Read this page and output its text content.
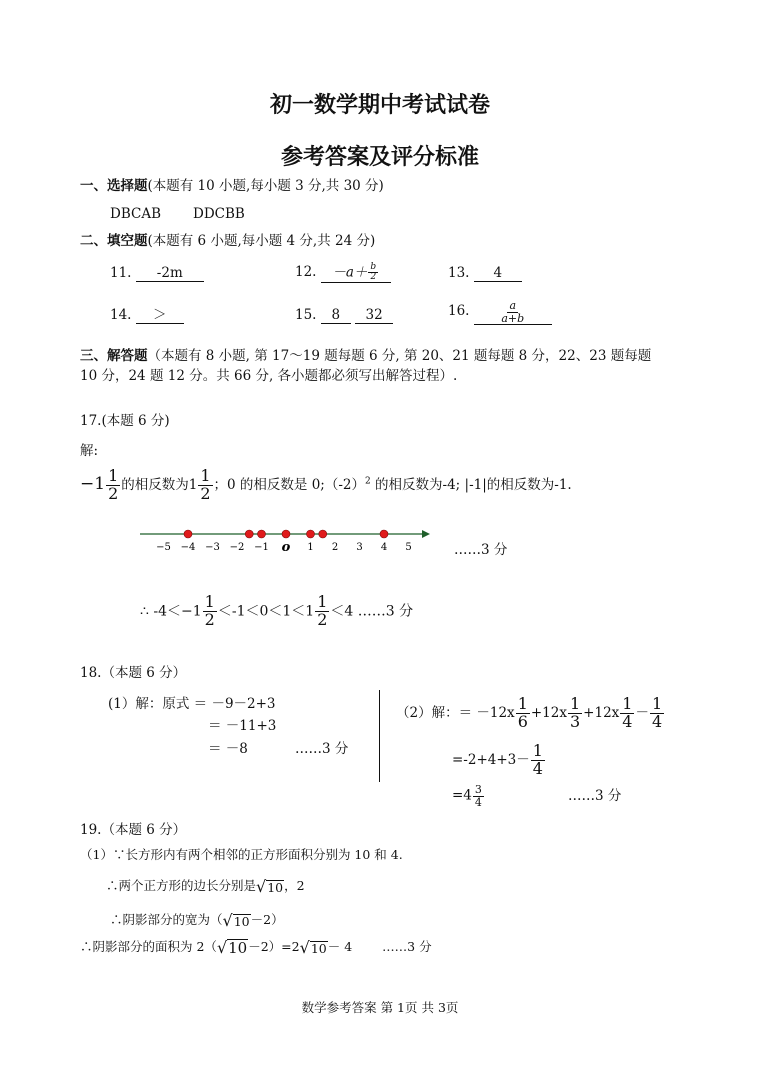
初一数学期中考试试卷
参考答案及评分标准
一、选择题(本题有 10 小题,每小题 3 分,共 30 分)
DBCAB DDCBB
二、填空题(本题有 6 小题,每小题 4 分,共 24 分)
11. -2m	12. $-a+ \frac{b}{2}$	13. 4
14. ＞	15. 8 32	16.	$\frac{a}{a+b}$
三、解答题（本题有 8 小题, 第 17～19 题每题 6 分, 第 20、21 题每题 8 分，22、23 题每题
10 分，24 题 12 分。共 66 分, 各小题都必须写出解答过程）.
17.(本题 6 分)
解:
$-1 \frac{1}{2}$ 的相反数为$1 \frac{1}{2}$ ；0 的相反数是 $0;(-2)^2$ 的相反数为-4; |-1|的相反数为-1.
−5 −4 −3 −2 −1	1 2 3 4 5
o	……3 分
∴ $-4<-1 \frac{1}{2} <-1<0<1<1 \frac{1}{2} <4$ ……3 分
18.（本题 6 分）
(1）解：原式 ＝ －9－2+3
＝ －11+3
＝ －8	……3 分
（2）解：＝ $-12x \frac{1}{6} +12x \frac{1}{3} +12x \frac{1}{4} - \frac{1}{4}$
$=-2+4+3- \frac{1}{4}$
$=4 \frac{3}{4}$	……3 分
19.（本题 6 分）
（1）∵长方形内有两个相邻的正方形面积分别为 10 和 4.
∴两个正方形的边长分别是 √ 10 ，2
∴阴影部分的宽为（ √ 10 －2）
∴阴影部分的面积为 2（ √ 10 －2）=2 √ 10 － 4 ……3 分
数学参考答案 第 1页 共 3页
